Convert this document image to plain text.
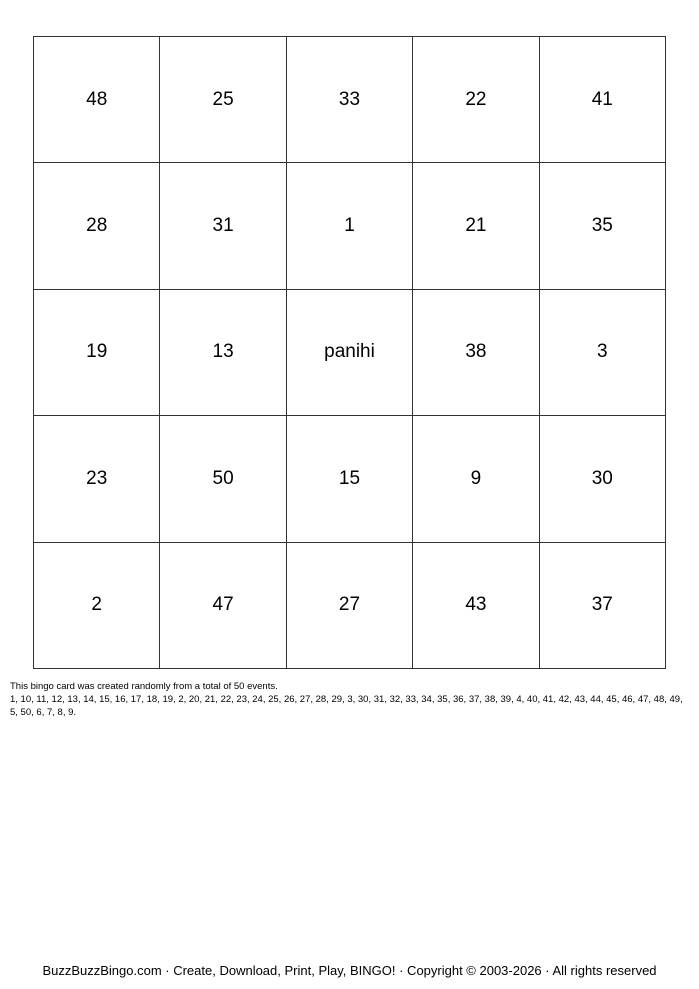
48	25	33	22	41
28	31	1	21	35
19	13	panihi	38	3
23	50	15	9	30
2	47	27	43	37
This bingo card was created randomly from a total of 50 events.
1, 10, 11, 12, 13, 14, 15, 16, 17, 18, 19, 2, 20, 21, 22, 23, 24, 25, 26, 27, 28, 29, 3, 30, 31, 32, 33, 34, 35, 36, 37, 38, 39, 4, 40, 41, 42, 43, 44, 45, 46, 47, 48, 49, 5, 50, 6, 7, 8, 9.
BuzzBuzzBingo.com · Create, Download, Print, Play, BINGO! · Copyright © 2003-2026 · All rights reserved
